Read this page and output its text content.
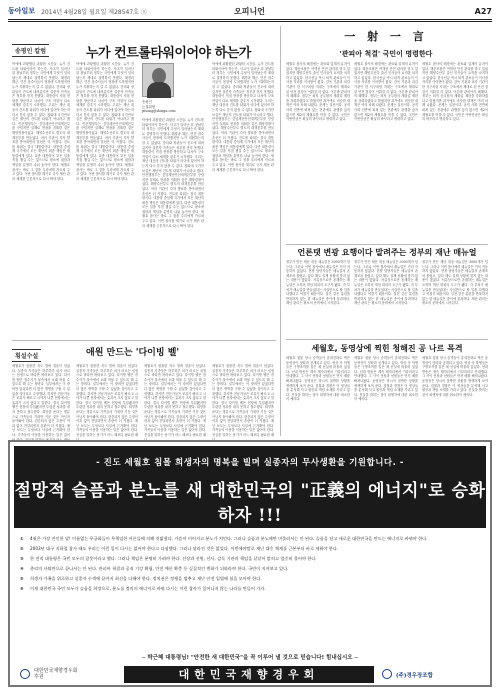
동아일보 2014년 4월28일 월요일 제28547호 ⓐ	오피니언	A27
송평인 칼럼	누가 컨트롤타워이어야 하는가
송평인
논설위원
pisong@donga.com
탁에에 과황했던 과황한 시간들. 뉴가 컨트롤 타워이어야 하는가. 사고가 일어난 뒤 첫날부터 정부는 국민에게 무엇이 일어났는지 제대로 설명하지 못했다. 해경과 해군, 민간 잠수사들이 현장에 도착했지만 누가 지휘하는지 알 수 없었다. 총리와 장관들이 진도에 내려갔지만 실종자 가족들은 정부를 믿지 못했다. 대통령이 직접 현장을 방문하고 나서야 구조 작업이 다소 체계를 갖추기 시작했다. 우리는 재난 대응의 컨트롤 타워가 어디에 있어야 하는지 다시 묻지 않을 수 없다. 청와대 국가안보실은 재난의 컨트롤 타워가 아니라고 했다. 안전행정부는 중앙재난안전대책본부를 꾸렸지만 실제로 현장을 지휘한 것은 해양경찰이었다. 해양수산부도 별도의 대책본부를 만들었다. 여러 기관이 각자 발표를 쏟아내면서 혼선은 더 커졌다. 컨트롤 타워는 결국 대통령이다. 대통령 중심제 국가에서 모든 재난의 최종 책임은 대통령에게 있다. 다만 대통령이 모든 일을 직접 챙길 수는 없으므로 평소에 권한과 책임을 분명히 나눠 놓아야 한다. 세월호 참사는 바로 그 점을 우리에게 가르쳐 주고 있다. 이번 참사를 계기로 국가 재난 관리 체계를 근본적으로 다시 짜야 한다.
탁에에 과황했던 과황한 시간들. 뉴가 컨트롤 타워이어야 하는가. 사고가 일어난 뒤 첫날부터 정부는 국민에게 무엇이 일어났는지 제대로 설명하지 못했다. 해경과 해군, 민간 잠수사들이 현장에 도착했지만 누가 지휘하는지 알 수 없었다. 총리와 장관들이 진도에 내려갔지만 실종자 가족들은 정부를 믿지 못했다. 대통령이 직접 현장을 방문하고 나서야 구조 작업이 다소 체계를 갖추기 시작했다. 우리는 재난 대응의 컨트롤 타워가 어디에 있어야 하는지 다시 묻지 않을 수 없다. 청와대 국가안보실은 재난의 컨트롤 타워가 아니라고 했다. 안전행정부는 중앙재난안전대책본부를 꾸렸지만 실제로 현장을 지휘한 것은 해양경찰이었다. 해양수산부도 별도의 대책본부를 만들었다. 여러 기관이 각자 발표를 쏟아내면서 혼선은 더 커졌다. 컨트롤 타워는 결국 대통령이다. 대통령 중심제 국가에서 모든 재난의 최종 책임은 대통령에게 있다. 다만 대통령이 모든 일을 직접 챙길 수는 없으므로 평소에 권한과 책임을 분명히 나눠 놓아야 한다. 세월호 참사는 바로 그 점을 우리에게 가르쳐 주고 있다. 이번 참사를 계기로 국가 재난 관리 체계를 근본적으로 다시 짜야 한다.
탁에에 과황했던 과황한 시간들. 뉴가 컨트롤 타워이어야 하는가. 사고가 일어난 뒤 첫날부터 정부는 국민에게 무엇이 일어났는지 제대로 설명하지 못했다. 해경과 해군, 민간 잠수사들이 현장에 도착했지만 누가 지휘하는지 알 수 없었다. 총리와 장관들이 진도에 내려갔지만 실종자 가족들은 정부를 믿지 못했다. 대통령이 직접 현장을 방문하고 나서야 구조 작업이 다소 체계를 갖추기 시작했다. 우리는 재난 대응의 컨트롤 타워가 어디에 있어야 하는지 다시 묻지 않을 수 없다. 청와대 국가안보실은 재난의 컨트롤 타워가 아니라고 했다. 안전행정부는 중앙재난안전대책본부를 꾸렸지만 실제로 현장을 지휘한 것은 해양경찰이었다. 해양수산부도 별도의 대책본부를 만들었다. 여러 기관이 각자 발표를 쏟아내면서 혼선은 더 커졌다. 컨트롤 타워는 결국 대통령이다. 대통령 중심제 국가에서 모든 재난의 최종 책임은 대통령에게 있다. 다만 대통령이 모든 일을 직접 챙길 수는 없으므로 평소에 권한과 책임을 분명히 나눠 놓아야 한다. 세월호 참사는 바로 그 점을 우리에게 가르쳐 주고 있다. 이번 참사를 계기로 국가 재난 관리 체계를 근본적으로 다시 짜야 한다.
탁에에 과황했던 과황한 시간들. 뉴가 컨트롤 타워이어야 하는가. 사고가 일어난 뒤 첫날부터 정부는 국민에게 무엇이 일어났는지 제대로 설명하지 못했다. 해경과 해군, 민간 잠수사들이 현장에 도착했지만 누가 지휘하는지 알 수 없었다. 총리와 장관들이 진도에 내려갔지만 실종자 가족들은 정부를 믿지 못했다. 대통령이 직접 현장을 방문하고 나서야 구조 작업이 다소 체계를 갖추기 시작했다. 우리는 재난 대응의 컨트롤 타워가 어디에 있어야 하는지 다시 묻지 않을 수 없다. 청와대 국가안보실은 재난의 컨트롤 타워가 아니라고 했다. 안전행정부는 중앙재난안전대책본부를 꾸렸지만 실제로 현장을 지휘한 것은 해양경찰이었다. 해양수산부도 별도의 대책본부를 만들었다. 여러 기관이 각자 발표를 쏟아내면서 혼선은 더 커졌다. 컨트롤 타워는 결국 대통령이다. 대통령 중심제 국가에서 모든 재난의 최종 책임은 대통령에게 있다. 다만 대통령이 모든 일을 직접 챙길 수는 없으므로 평소에 권한과 책임을 분명히 나눠 놓아야 한다. 세월호 참사는 바로 그 점을 우리에게 가르쳐 주고 있다. 이번 참사를 계기로 국가 재난 관리 체계를 근본적으로 다시 짜야 한다.
횡설수설	애원 만드는 '다이빙 벨'
세월호가 침몰한 지도 벌써 열흘이 넘었다. 실종자 가족들은 하루하루 피가 마르는 심정으로 바다만 바라보고 있다. 다이빙 벨은 잠수사가 물속에서 오래 머물 수 있도록 해 주는 장비다. 일부에서는 이 장비만 있었다면 더 많은 생명을 구할 수 있었을 것이라고 주장했다. 하지만 전문가들은 조류가 빠르고 시야가 나쁜 현장에서는 효과가 크지 않다고 말한다. 결국 다이빙 벨은 현장에 투입됐지만 뚜렷한 성과를 내지 못하고 철수했다. 희망을 준다는 명분으로 가족들의 기대만 키운 것은 아닌지 돌아봐야 한다. 검증되지 않은 주장이 여과 없이 전달되면서 혼란이 더 커졌다. 재난 보도는 무엇보다 사실에 근거해야 한다. 가족들의 아픔을 이용하는 일은 없어
세월호가 침몰한 지도 벌써 열흘이 넘었다. 실종자 가족들은 하루하루 피가 마르는 심정으로 바다만 바라보고 있다. 다이빙 벨은 잠수사가 물속에서 오래 머물 수 있도록 해 주는 장비다. 일부에서는 이 장비만 있었다면 더 많은 생명을 구할 수 있었을 것이라고 주장했다. 하지만 전문가들은 조류가 빠르고 시야가 나쁜 현장에서는 효과가 크지 않다고 말한다. 결국 다이빙 벨은 현장에 투입됐지만 뚜렷한 성과를 내지 못하고 철수했다. 희망을 준다는 명분으로 가족들의 기대만 키운 것은 아닌지 돌아봐야 한다. 검증되지 않은 주장이 여과 없이 전달되면서 혼란이 더 커졌다. 재난 보도는 무엇보다 사실에 근거해야 한다. 가족들의 아픔을 이용하는 일은 없어야 한다. 진실을 말하는 용기가 어느 때보다 필요한 때
세월호가 침몰한 지도 벌써 열흘이 넘었다. 실종자 가족들은 하루하루 피가 마르는 심정으로 바다만 바라보고 있다. 다이빙 벨은 잠수사가 물속에서 오래 머물 수 있도록 해 주는 장비다. 일부에서는 이 장비만 있었다면 더 많은 생명을 구할 수 있었을 것이라고 주장했다. 하지만 전문가들은 조류가 빠르고 시야가 나쁜 현장에서는 효과가 크지 않다고 말한다. 결국 다이빙 벨은 현장에 투입됐지만 뚜렷한 성과를 내지 못하고 철수했다. 희망을 준다는 명분으로 가족들의 기대만 키운 것은 아닌지 돌아봐야 한다. 검증되지 않은 주장이 여과 없이 전달되면서 혼란이 더 커졌다. 재난 보도는 무엇보다 사실에 근거해야 한다. 가족들의 아픔을 이용하는 일은 없어야 한다. 진실을 말하는 용기가 어느 때보다 필요한 때
세월호가 침몰한 지도 벌써 열흘이 넘었다. 실종자 가족들은 하루하루 피가 마르는 심정으로 바다만 바라보고 있다. 다이빙 벨은 잠수사가 물속에서 오래 머물 수 있도록 해 주는 장비다. 일부에서는 이 장비만 있었다면 더 많은 생명을 구할 수 있었을 것이라고 주장했다. 하지만 전문가들은 조류가 빠르고 시야가 나쁜 현장에서는 효과가 크지 않다고 말한다. 결국 다이빙 벨은 현장에 투입됐지만 뚜렷한 성과를 내지 못하고 철수했다. 희망을 준다는 명분으로 가족들의 기대만 키운 것은 아닌지 돌아봐야 한다. 검증되지 않은 주장이 여과 없이 전달되면서 혼란이 더 커졌다. 재난 보도는 무엇보다 사실에 근거해야 한다. 가족들의 아픔을 이용하는 일은 없어야 한다. 진실을 말하는 용기가 어느 때보다 필요한 때
一 射 一 言
'관피아 척결' 국민이 명령한다
세월호 참사의 배경에는 관료와 업계의 유착이 있다. 해운조합은 여객선 안전 관리를 맡고 있었지만 해양수산부 출신 인사들이 요직을 차지하고 있었다. 한국선급 역시 퇴직 관료들이 이사장 자리를 이어받아 왔다. 감독 기관과 피감 기관이 한 식구처럼 지내는 구조에서 제대로 된 안전 점검이 이뤄질 리 없다. 이른바 관피아의 폐해다. 정부는 퇴직 공무원의 재취업 제한을 강화하겠다고 밝혔지만 과거에도 비슷한 대책은 여러 차례 나왔다. 문제는 실천이다. 공직 사회 전반에 퍼져 있는 전관예우 관행을 끊지 않으면 제2의 세월호를 막을 수 없다. 국민은 이번만큼은 확실히 바꾸라고 명령하고 있다.
세월호 참사의 배경에는 관료와 업계의 유착이 있다. 해운조합은 여객선 안전 관리를 맡고 있었지만 해양수산부 출신 인사들이 요직을 차지하고 있었다. 한국선급 역시 퇴직 관료들이 이사장 자리를 이어받아 왔다. 감독 기관과 피감 기관이 한 식구처럼 지내는 구조에서 제대로 된 안전 점검이 이뤄질 리 없다. 이른바 관피아의 폐해다. 정부는 퇴직 공무원의 재취업 제한을 강화하겠다고 밝혔지만 과거에도 비슷한 대책은 여러 차례 나왔다. 문제는 실천이다. 공직 사회 전반에 퍼져 있는 전관예우 관행을 끊지 않으면 제2의 세월호를 막을 수 없다. 국민은 이번만큼은 확실히 바꾸라고 명령하고 있다.
세월호 참사의 배경에는 관료와 업계의 유착이 있다. 해운조합은 여객선 안전 관리를 맡고 있었지만 해양수산부 출신 인사들이 요직을 차지하고 있었다. 한국선급 역시 퇴직 관료들이 이사장 자리를 이어받아 왔다. 감독 기관과 피감 기관이 한 식구처럼 지내는 구조에서 제대로 된 안전 점검이 이뤄질 리 없다. 이른바 관피아의 폐해다. 정부는 퇴직 공무원의 재취업 제한을 강화하겠다고 밝혔지만 과거에도 비슷한 대책은 여러 차례 나왔다. 문제는 실천이다. 공직 사회 전반에 퍼져 있는 전관예우 관행을 끊지 않으면 제2의 세월호를 막을 수 없다. 국민은 이번만큼은 확실히 바꾸라고 명령하고 있다.
언론탯 변광 요행이다 말려주는 정부의 재난 매뉴얼
정부가 만든 재난 대응 매뉴얼은 3000개가 넘는다. 그러나 이번 참사에서 매뉴얼은 거의 작동하지 않았다. 현장 담당자들은 매뉴얼의 존재조차 몰랐고, 있다 해도 실제 상황에 맞지 않는 내용이 많았다. 서류상으로만 존재하는 매뉴얼은 오히려 책임 회피의 도구가 됐다. 각 부처가 매뉴얼을 만들었다는 사실만으로 할 일을 다했다고 여겼기 때문이다. 실전 같은 훈련을 반복하지 않는 한 매뉴얼은 종이에 불과하다. 재난 관리는 평소의 준비에서 시작된다.
정부가 만든 재난 대응 매뉴얼은 3000개가 넘는다. 그러나 이번 참사에서 매뉴얼은 거의 작동하지 않았다. 현장 담당자들은 매뉴얼의 존재조차 몰랐고, 있다 해도 실제 상황에 맞지 않는 내용이 많았다. 서류상으로만 존재하는 매뉴얼은 오히려 책임 회피의 도구가 됐다. 각 부처가 매뉴얼을 만들었다는 사실만으로 할 일을 다했다고 여겼기 때문이다. 실전 같은 훈련을 반복하지 않는 한 매뉴얼은 종이에 불과하다. 재난 관리는 평소의 준비에서 시작된다.
정부가 만든 재난 대응 매뉴얼은 3000개가 넘는다. 그러나 이번 참사에서 매뉴얼은 거의 작동하지 않았다. 현장 담당자들은 매뉴얼의 존재조차 몰랐고, 있다 해도 실제 상황에 맞지 않는 내용이 많았다. 서류상으로만 존재하는 매뉴얼은 오히려 책임 회피의 도구가 됐다. 각 부처가 매뉴얼을 만들었다는 사실만으로 할 일을 다했다고 여겼기 때문이다. 실전 같은 훈련을 반복하지 않는 한 매뉴얼은 종이에 불과하다. 재난 관리는 평소의 준비에서 시작된다.
세월호, 동영상에 찍힌 청해진 공 나르 목격
세월호 침몰 당시 승객들이 휴대전화로 찍은 동영상이 잇따라 공개되고 있다. 영상 속 학생들은 구명조끼를 입은 채 선실에 머물러 있었다. 선내 방송은 계속 제자리에서 기다리라고 안내했다. 그 사이 선장과 선원들은 먼저 배를 빠져나왔다. 동영상은 당시의 절박한 상황을 생생하게 보여 준다. 검찰과 경찰은 이 영상들을 분석해 사고 원인과 책임 소재를 가리고 있다. 진실을 밝히는 것이 희생자에 대한 최소한의 예의다.
세월호 침몰 당시 승객들이 휴대전화로 찍은 동영상이 잇따라 공개되고 있다. 영상 속 학생들은 구명조끼를 입은 채 선실에 머물러 있었다. 선내 방송은 계속 제자리에서 기다리라고 안내했다. 그 사이 선장과 선원들은 먼저 배를 빠져나왔다. 동영상은 당시의 절박한 상황을 생생하게 보여 준다. 검찰과 경찰은 이 영상들을 분석해 사고 원인과 책임 소재를 가리고 있다. 진실을 밝히는 것이 희생자에 대한 최소한의 예의다.
세월호 침몰 당시 승객들이 휴대전화로 찍은 동영상이 잇따라 공개되고 있다. 영상 속 학생들은 구명조끼를 입은 채 선실에 머물러 있었다. 선내 방송은 계속 제자리에서 기다리라고 안내했다. 그 사이 선장과 선원들은 먼저 배를 빠져나왔다. 동영상은 당시의 절박한 상황을 생생하게 보여 준다. 검찰과 경찰은 이 영상들을 분석해 사고 원인과 책임 소재를 가리고 있다. 진실을 밝히는 것이 희생자에 대한 최소한의 예의다.
- 진도 세월호 침몰 희생자의 명복을 빌며 실종자의 무사생환을 기원합니다. -
절망적 슬픔과 분노를 새 대한민국의 "正義의 에너지"로 승화하자 !!!
①	4월은 가장 잔인한 달! 이름없는 무궁화들이 무책임한 어른들에 의해 짓밟혔다. 가슴이 미어지고 분노가 치민다. 그러나 슬픔과 분노에만 머물러서는 안 된다. 슬픔을 딛고 새로운 대한민국을 만드는 에너지로 바꿔야 한다.
②	2003년 대구 지하철 참사 때도 우리는 이런 일이 다시는 없어야 한다고 다짐했다. 그러나 달라진 것은 없었다. 이번에야말로 재난 대응 체계를 근본부터 바로 세워야 한다.
③	한 전직 대통령은 국민 모두의 잘못이라고 했다. 그러나 책임은 분명히 가려야 한다. 선장과 선원, 선사, 감독 기관의 책임을 낱낱이 밝히고 엄중히 물어야 한다.
④	총리의 사퇴만으로 끝나서는 안 된다. 관피아 척결과 공직 기강 확립, 안전 예산 확충 등 실질적인 변화가 뒤따라야 한다. 국민이 지켜보고 있다.
⑤	희생자 가족을 위로하고 실종자 수색에 끝까지 최선을 다해야 한다. 정치권은 정쟁을 멈추고 재난 안전 입법에 힘을 모아야 한다.
⑥	이제 대한민국 국민 모두가 슬픔을 희망으로, 분노를 정의의 에너지로 바꿔 다시는 이런 참사가 일어나지 않는 나라를 만들어 가자.
─ 박근혜 대통령님! "안전한 새 대한민국"을 꼭 이루어 낼 것으로 믿습니다! 힘내십시오 ─
대한민국재향경우회
후원	대한민국재향경우회	(주)경우장조합
